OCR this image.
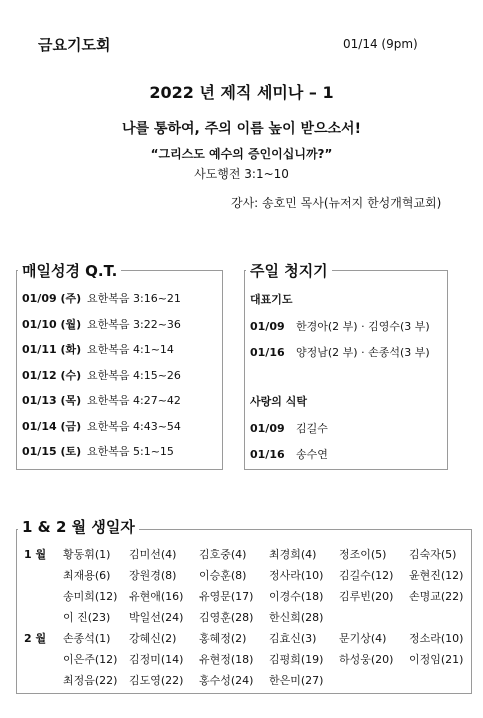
금요기도회	01/14 (9pm)
2022 년 제직 세미나 – 1
나를 통하여, 주의 이름 높이 받으소서!
“그리스도 예수의 증인이십니까?”
사도행전 3:1~10
강사: 송호민 목사(뉴저지 한성개혁교회)
매일성경 Q.T.
01/09 (주) 요한복음 3:16~21
01/10 (월) 요한복음 3:22~36
01/11 (화) 요한복음 4:1~14
01/12 (수) 요한복음 4:15~26
01/13 (목) 요한복음 4:27~42
01/14 (금) 요한복음 4:43~54
01/15 (토) 요한복음 5:1~15
주일 청지기
대표기도
01/09 한경아(2 부) · 김영수(3 부)
01/16 양정남(2 부) · 손종석(3 부)
사랑의 식탁
01/09 김길수
01/16 송수연
1 & 2 월 생일자
1 월
2 월
황동휘(1) 김미선(4) 김호중(4) 최경희(4) 정조이(5) 김숙자(5)
최재용(6) 장원경(8) 이승훈(8) 정사라(10) 김길수(12) 윤현진(12)
송미희(12) 유현애(16) 유영문(17) 이경수(18) 김루빈(20) 손명교(22)
이 진(23) 박일선(24) 김영훈(28) 한신희(28)
손종석(1) 강혜신(2) 홍혜정(2) 김효신(3) 문기상(4) 정소라(10)
이은주(12) 김정미(14) 유현정(18) 김평희(19) 하성웅(20) 이정임(21)
최정음(22) 김도영(22) 홍수성(24) 한은미(27)
